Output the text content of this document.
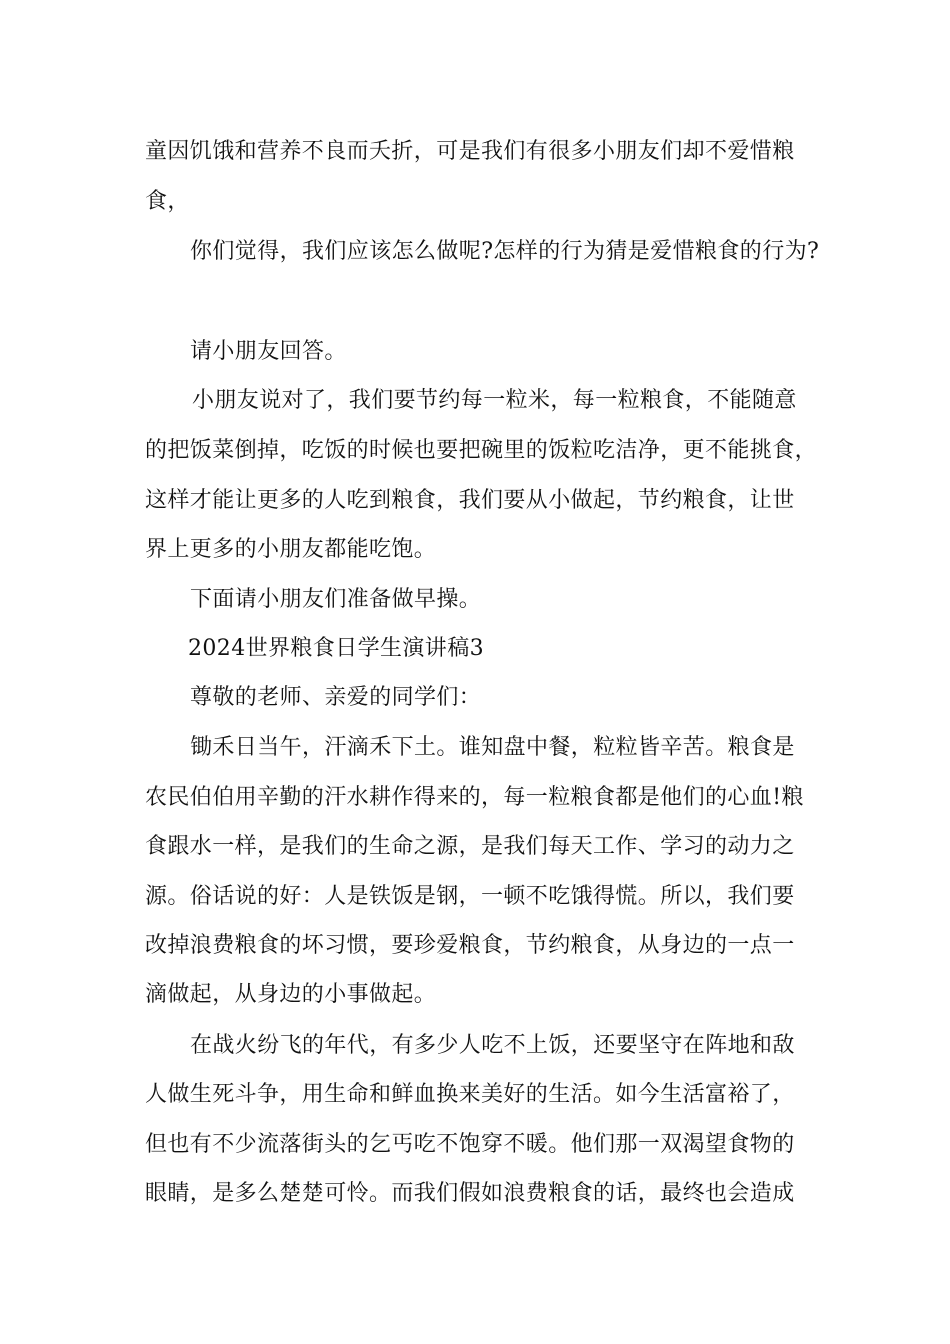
童因饥饿和营养不良而夭折，可是我们有很多小朋友们却不爱惜粮
食，
你们觉得，我们应该怎么做呢?怎样的行为猜是爱惜粮食的行为?
请小朋友回答。
小朋友说对了，我们要节约每一粒米，每一粒粮食，不能随意
的把饭菜倒掉，吃饭的时候也要把碗里的饭粒吃洁净，更不能挑食，
这样才能让更多的人吃到粮食，我们要从小做起，节约粮食，让世
界上更多的小朋友都能吃饱。
下面请小朋友们准备做早操。
2024世界粮食日学生演讲稿3
尊敬的老师、亲爱的同学们：
锄禾日当午，汗滴禾下土。谁知盘中餐，粒粒皆辛苦。粮食是
农民伯伯用辛勤的汗水耕作得来的，每一粒粮食都是他们的心血!粮
食跟水一样，是我们的生命之源，是我们每天工作、学习的动力之
源。俗话说的好：人是铁饭是钢，一顿不吃饿得慌。所以，我们要
改掉浪费粮食的坏习惯，要珍爱粮食，节约粮食，从身边的一点一
滴做起，从身边的小事做起。
在战火纷飞的年代，有多少人吃不上饭，还要坚守在阵地和敌
人做生死斗争，用生命和鲜血换来美好的生活。如今生活富裕了，
但也有不少流落街头的乞丐吃不饱穿不暖。他们那一双渴望食物的
眼睛，是多么楚楚可怜。而我们假如浪费粮食的话，最终也会造成
